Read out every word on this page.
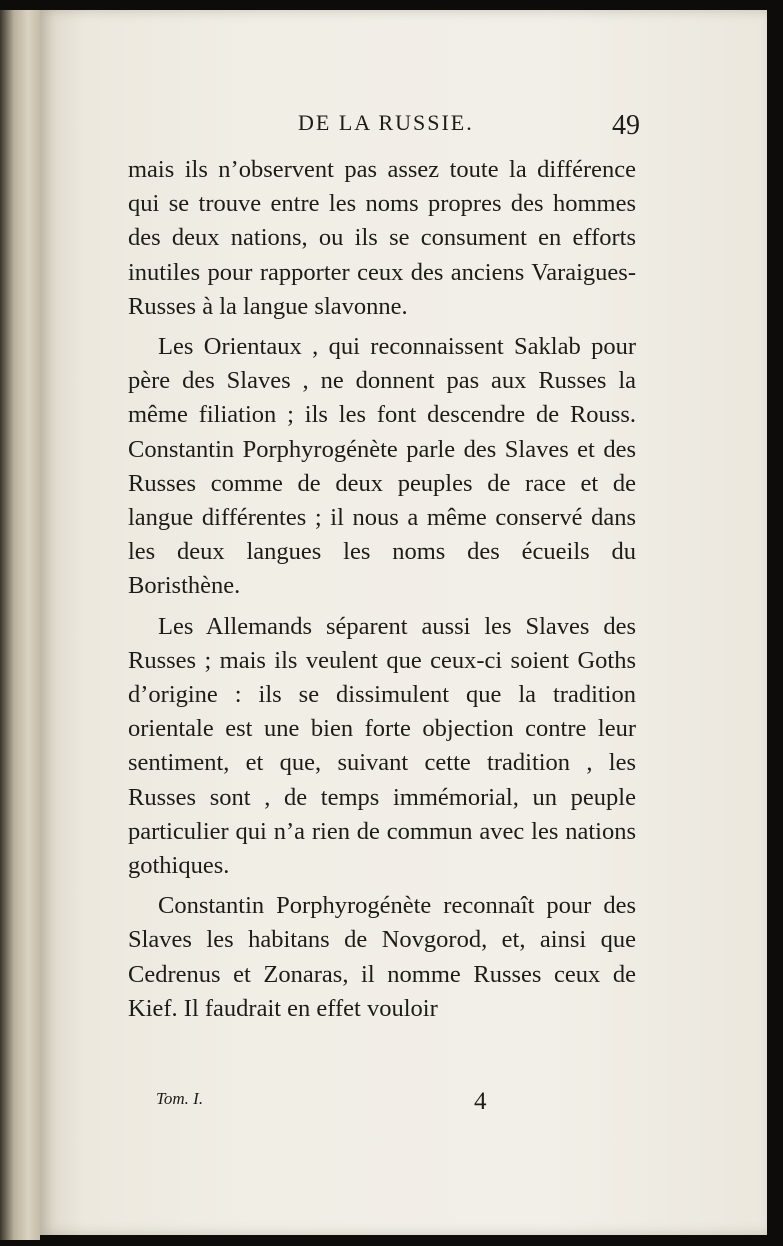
DE LA RUSSIE.	49

mais ils n’observent pas assez toute la différence qui se trouve entre les noms propres des hommes des deux nations, ou ils se consument en efforts inutiles pour rapporter ceux des anciens Varaigues-Russes à la langue slavonne.

Les Orientaux , qui reconnaissent Saklab pour père des Slaves , ne donnent pas aux Russes la même filiation ; ils les font descendre de Rouss. Constantin Porphyrogénète parle des Slaves et des Russes comme de deux peuples de race et de langue différentes ; il nous a même conservé dans les deux langues les noms des écueils du Boristhène.

Les Allemands séparent aussi les Slaves des Russes ; mais ils veulent que ceux-ci soient Goths d’origine : ils se dissimulent que la tradition orientale est une bien forte objection contre leur sentiment, et que, suivant cette tradition , les Russes sont , de temps immémorial, un peuple particulier qui n’a rien de commun avec les nations gothiques.

Constantin Porphyrogénète reconnaît pour des Slaves les habitans de Novgorod, et, ainsi que Cedrenus et Zonaras, il nomme Russes ceux de Kief. Il faudrait en effet vouloir

Tom. I.	4
